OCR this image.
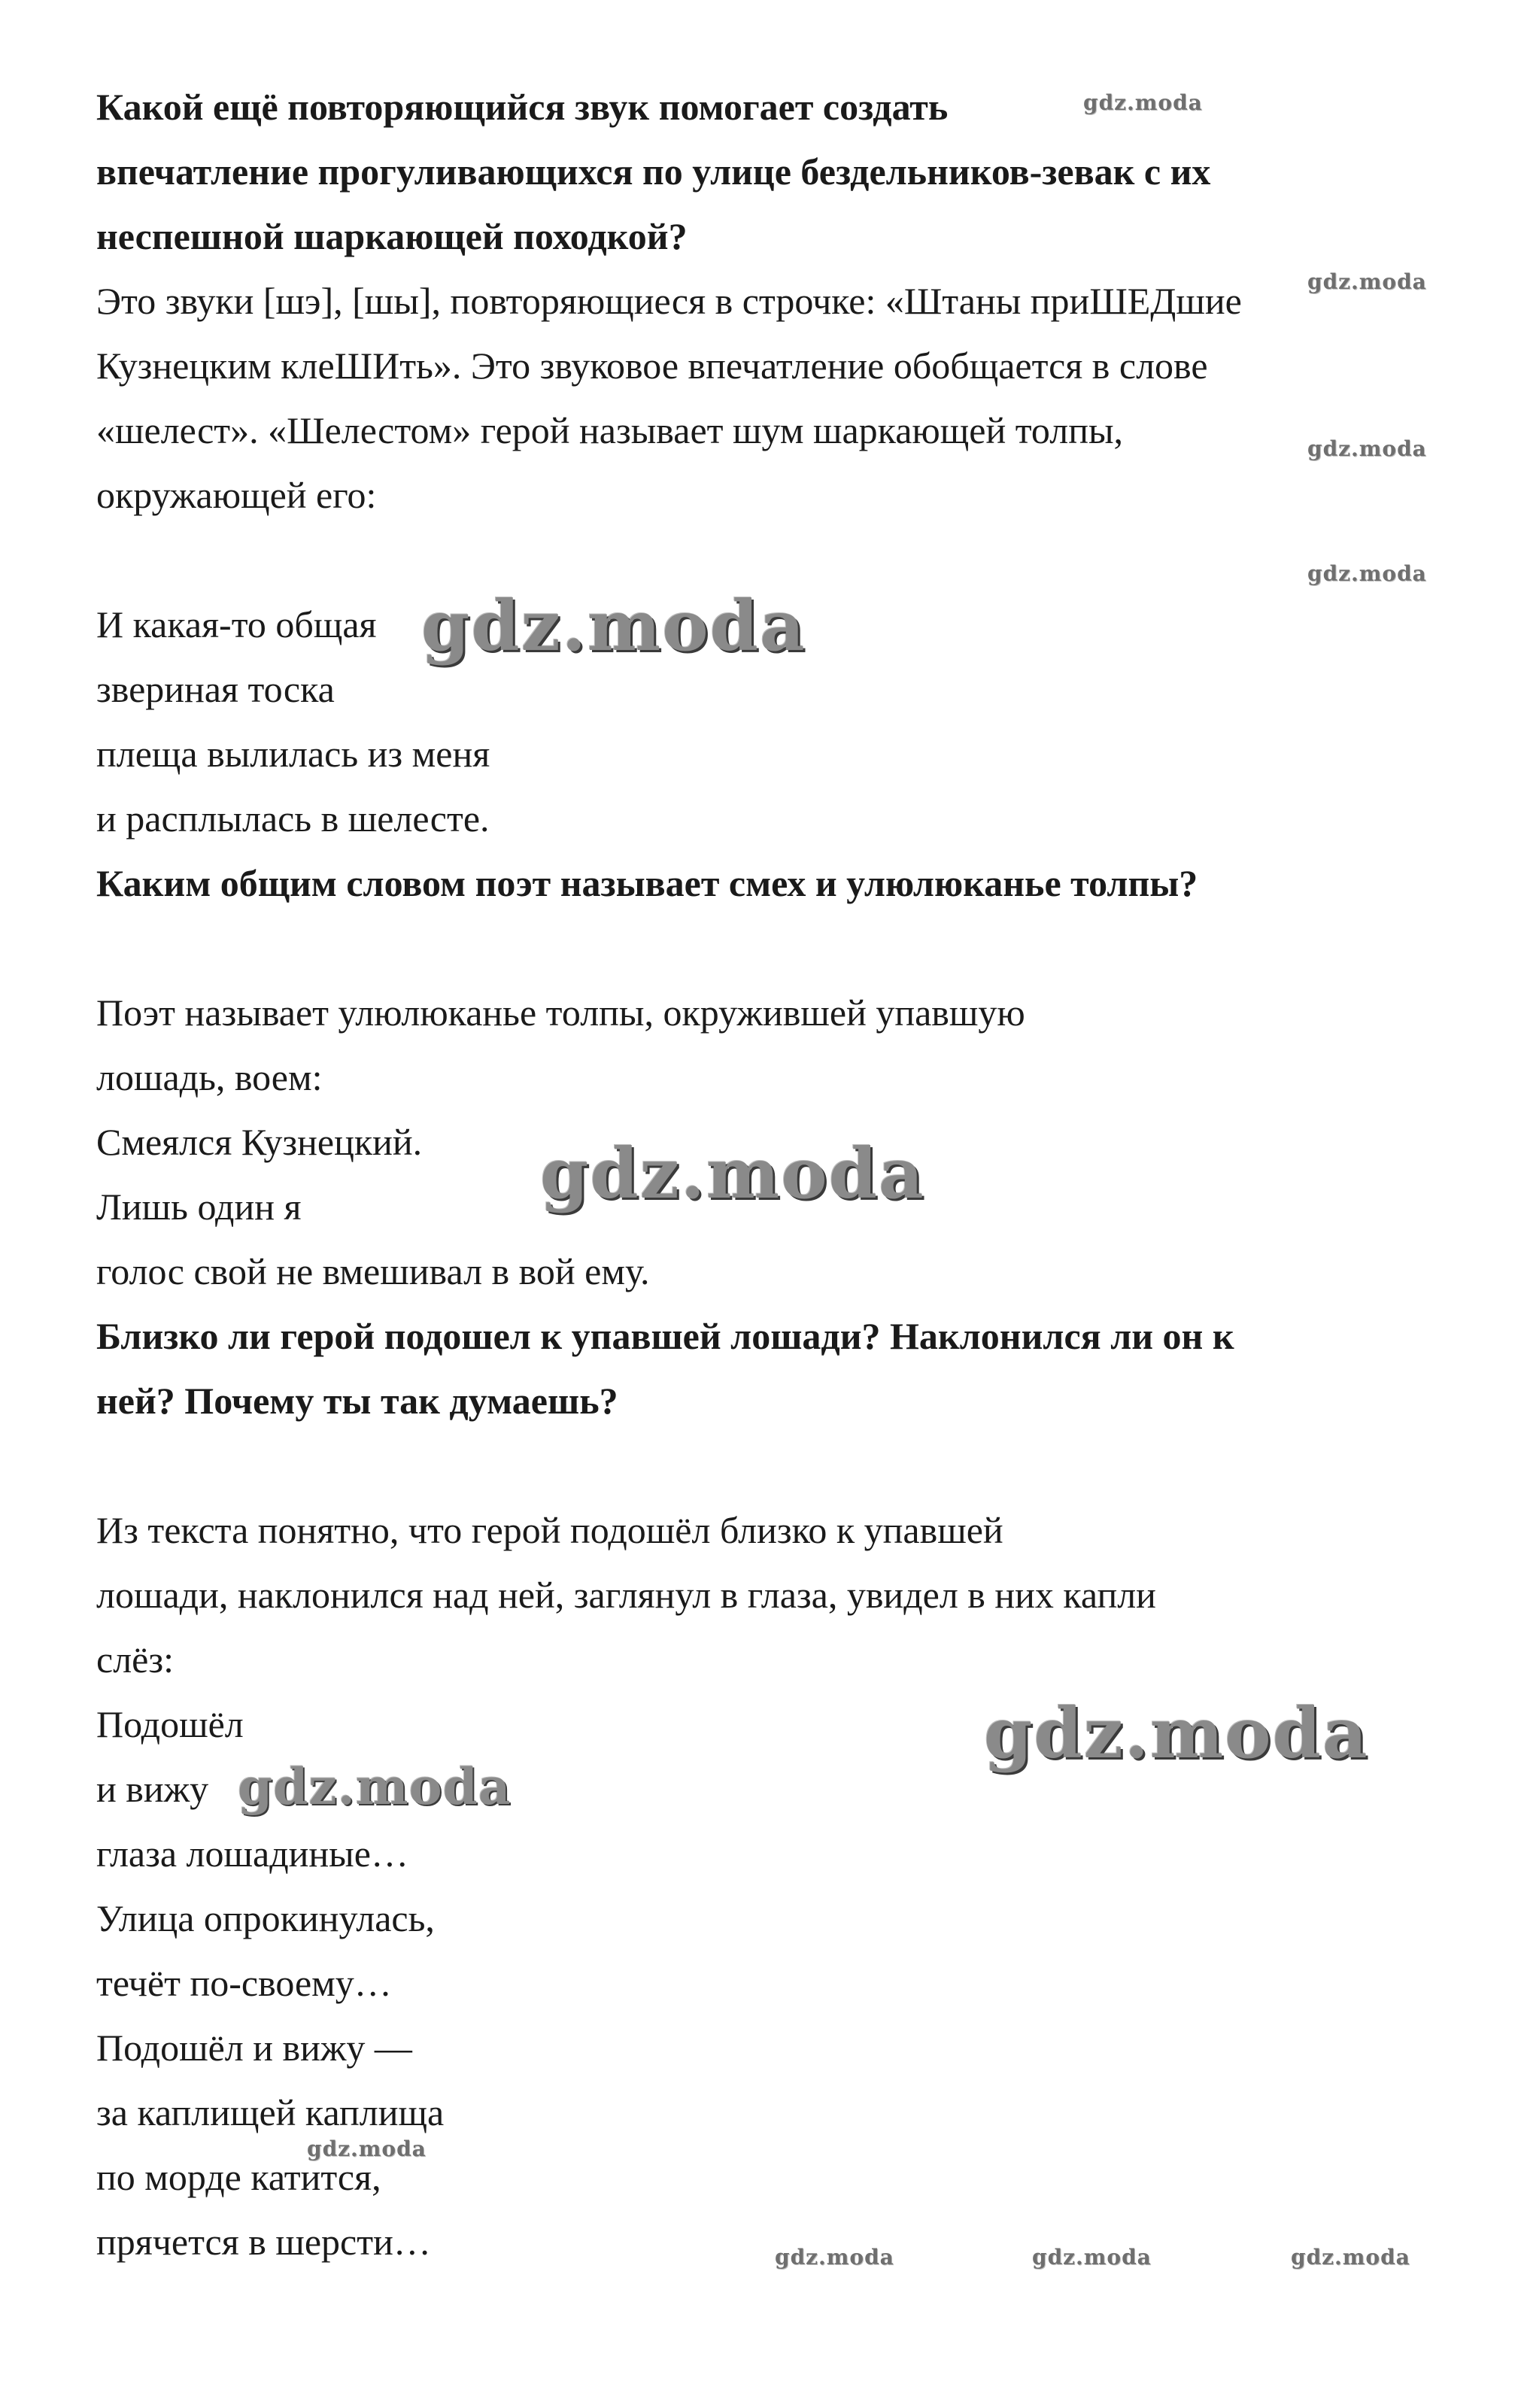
Какой ещё повторяющийся звук помогает создать
впечатление прогуливающихся по улице бездельников-зевак с их
неспешной шаркающей походкой?
Это звуки [шэ], [шы], повторяющиеся в строчке: «Штаны приШЕДшие
Кузнецким клеШИть». Это звуковое впечатление обобщается в слове
«шелест». «Шелестом» герой называет шум шаркающей толпы,
окружающей его:
И какая-то общая
звериная тоска
плеща вылилась из меня
и расплылась в шелесте.
Каким общим словом поэт называет смех и улюлюканье толпы?
Поэт называет улюлюканье толпы, окружившей упавшую
лошадь, воем:
Смеялся Кузнецкий.
Лишь один я
голос свой не вмешивал в вой ему.
Близко ли герой подошел к упавшей лошади? Наклонился ли он к
ней? Почему ты так думаешь?
Из текста понятно, что герой подошёл близко к упавшей
лошади, наклонился над ней, заглянул в глаза, увидел в них капли
слёз:
Подошёл
и вижу
глаза лошадиные…
Улица опрокинулась,
течёт по-своему…
Подошёл и вижу —
за каплищей каплища
по морде катится,
прячется в шерсти…
gdz.moda
gdz.moda
gdz.moda
gdz.moda
gdz.moda
gdz.moda
gdz.moda
gdz.moda
gdz.moda
gdz.moda	gdz.moda	gdz.moda
